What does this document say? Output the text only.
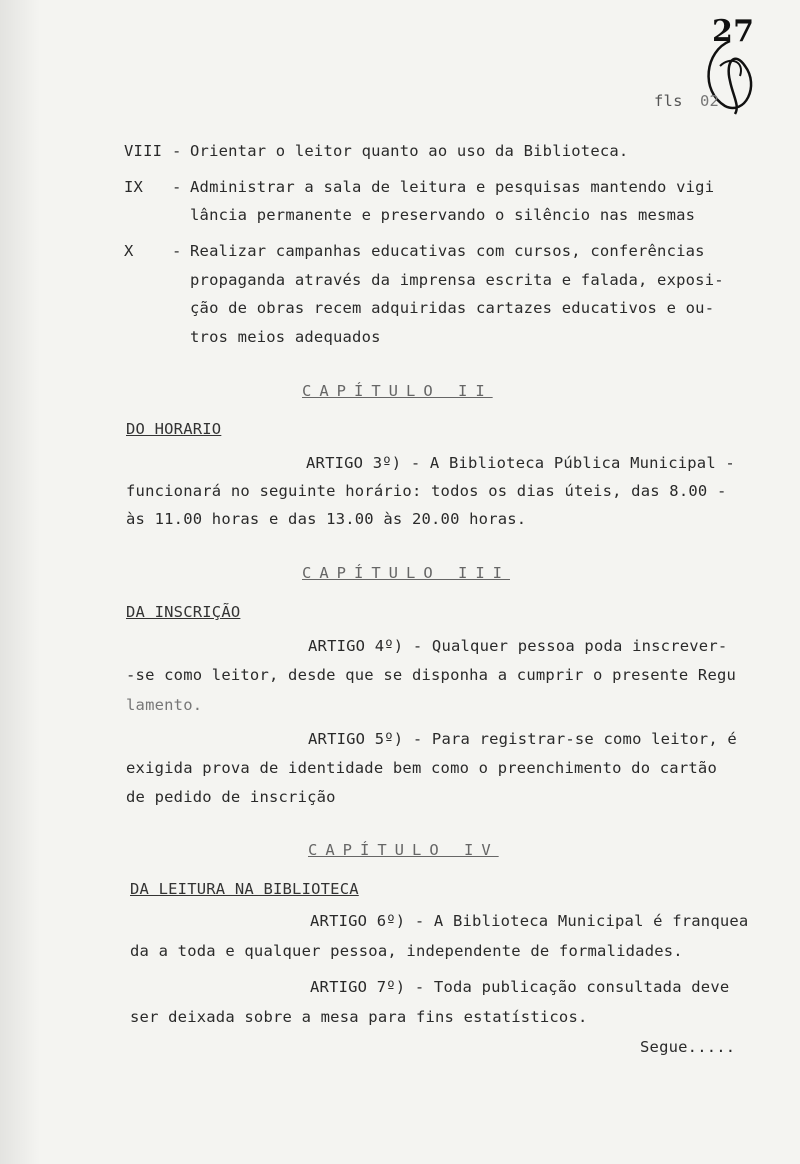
27
fls 02
VIII - Orientar o leitor quanto ao uso da Biblioteca.
IX - Administrar a sala de leitura e pesquisas mantendo vigi
lância permanente e preservando o silêncio nas mesmas
X - Realizar campanhas educativas com cursos, conferências
propaganda através da imprensa escrita e falada, exposi-
ção de obras recem adquiridas cartazes educativos e ou-
tros meios adequados
CAPÍTULO II
DO HORARIO
ARTIGO 3º) - A Biblioteca Pública Municipal -
funcionará no seguinte horário: todos os dias úteis, das 8.00 -
às 11.00 horas e das 13.00 às 20.00 horas.
CAPÍTULO III
DA INSCRIÇÃO
ARTIGO 4º) - Qualquer pessoa poda inscrever-
-se como leitor, desde que se disponha a cumprir o presente Regu
lamento.
ARTIGO 5º) - Para registrar-se como leitor, é
exigida prova de identidade bem como o preenchimento do cartão
de pedido de inscrição
CAPÍTULO IV
DA LEITURA NA BIBLIOTECA
ARTIGO 6º) - A Biblioteca Municipal é franquea
da a toda e qualquer pessoa, independente de formalidades.
ARTIGO 7º) - Toda publicação consultada deve
ser deixada sobre a mesa para fins estatísticos.
Segue.....
